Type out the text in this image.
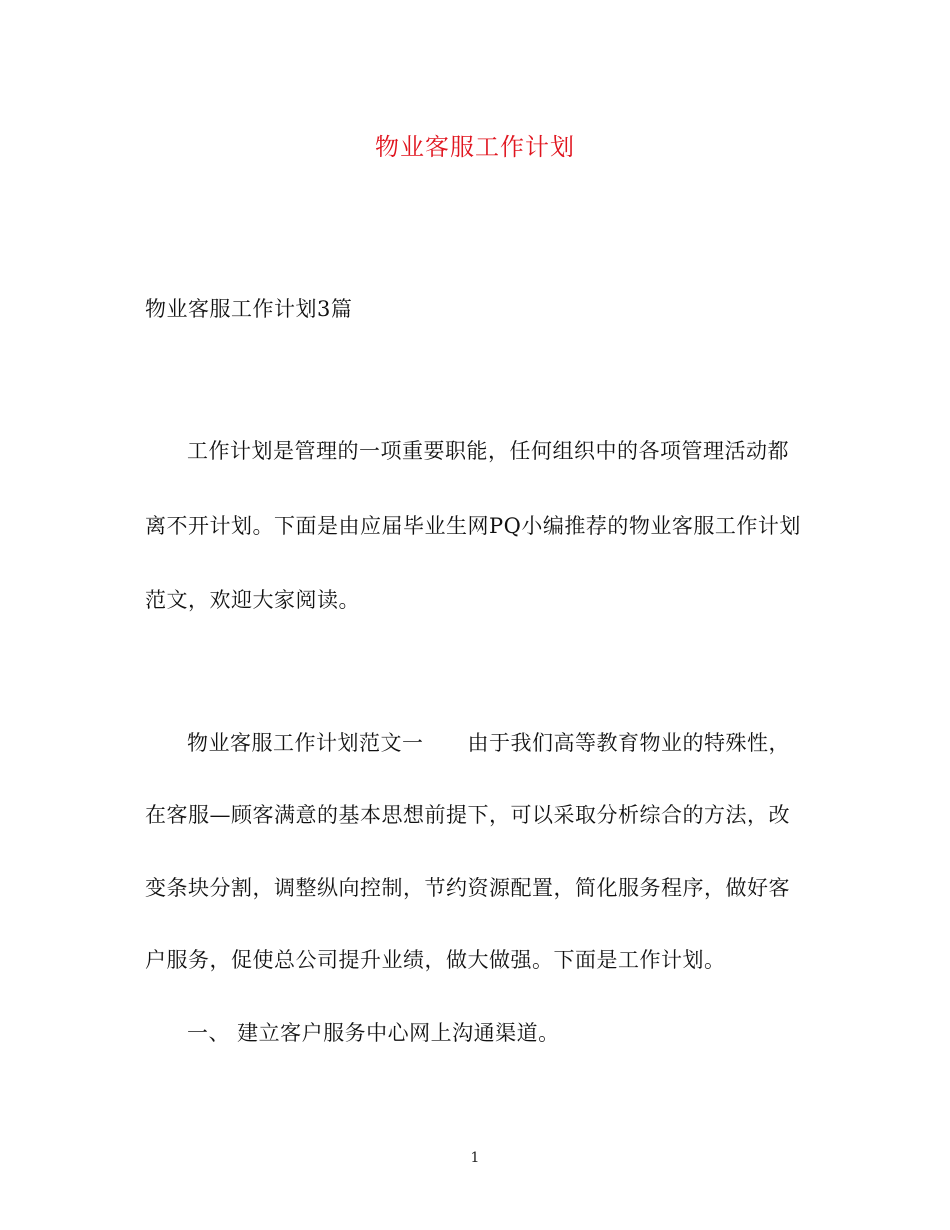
物业客服工作计划
物业客服工作计划3篇
工作计划是管理的一项重要职能，任何组织中的各项管理活动都
离不开计划。下面是由应届毕业生网PQ小编推荐的物业客服工作计划
范文，欢迎大家阅读。
物业客服工作计划范文一 由于我们高等教育物业的特殊性，
在客服—顾客满意的基本思想前提下，可以采取分析综合的方法，改
变条块分割，调整纵向控制，节约资源配置，简化服务程序，做好客
户服务，促使总公司提升业绩，做大做强。下面是工作计划。
一、 建立客户服务中心网上沟通渠道。
1
